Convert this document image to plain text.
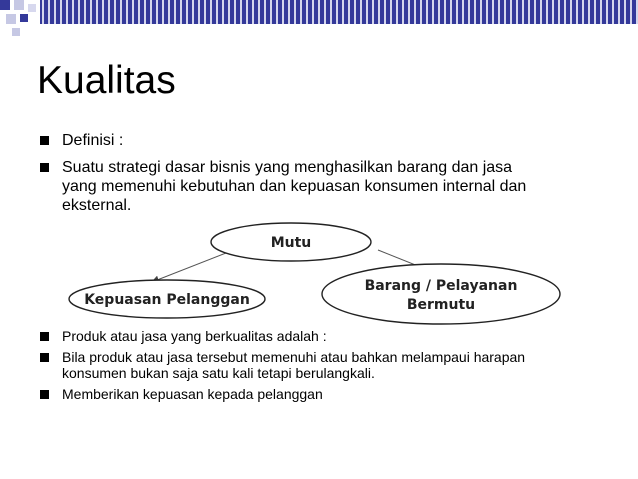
Kualitas
Definisi :
Suatu strategi dasar bisnis yang menghasilkan barang dan jasa
yang memenuhi kebutuhan dan kepuasan konsumen internal dan
eksternal.
Mutu
Kepuasan Pelanggan
Barang / Pelayanan
Bermutu
Produk atau jasa yang berkualitas adalah :
Bila produk atau jasa tersebut memenuhi atau bahkan melampaui harapan
konsumen bukan saja satu kali tetapi berulangkali.
Memberikan kepuasan kepada pelanggan
